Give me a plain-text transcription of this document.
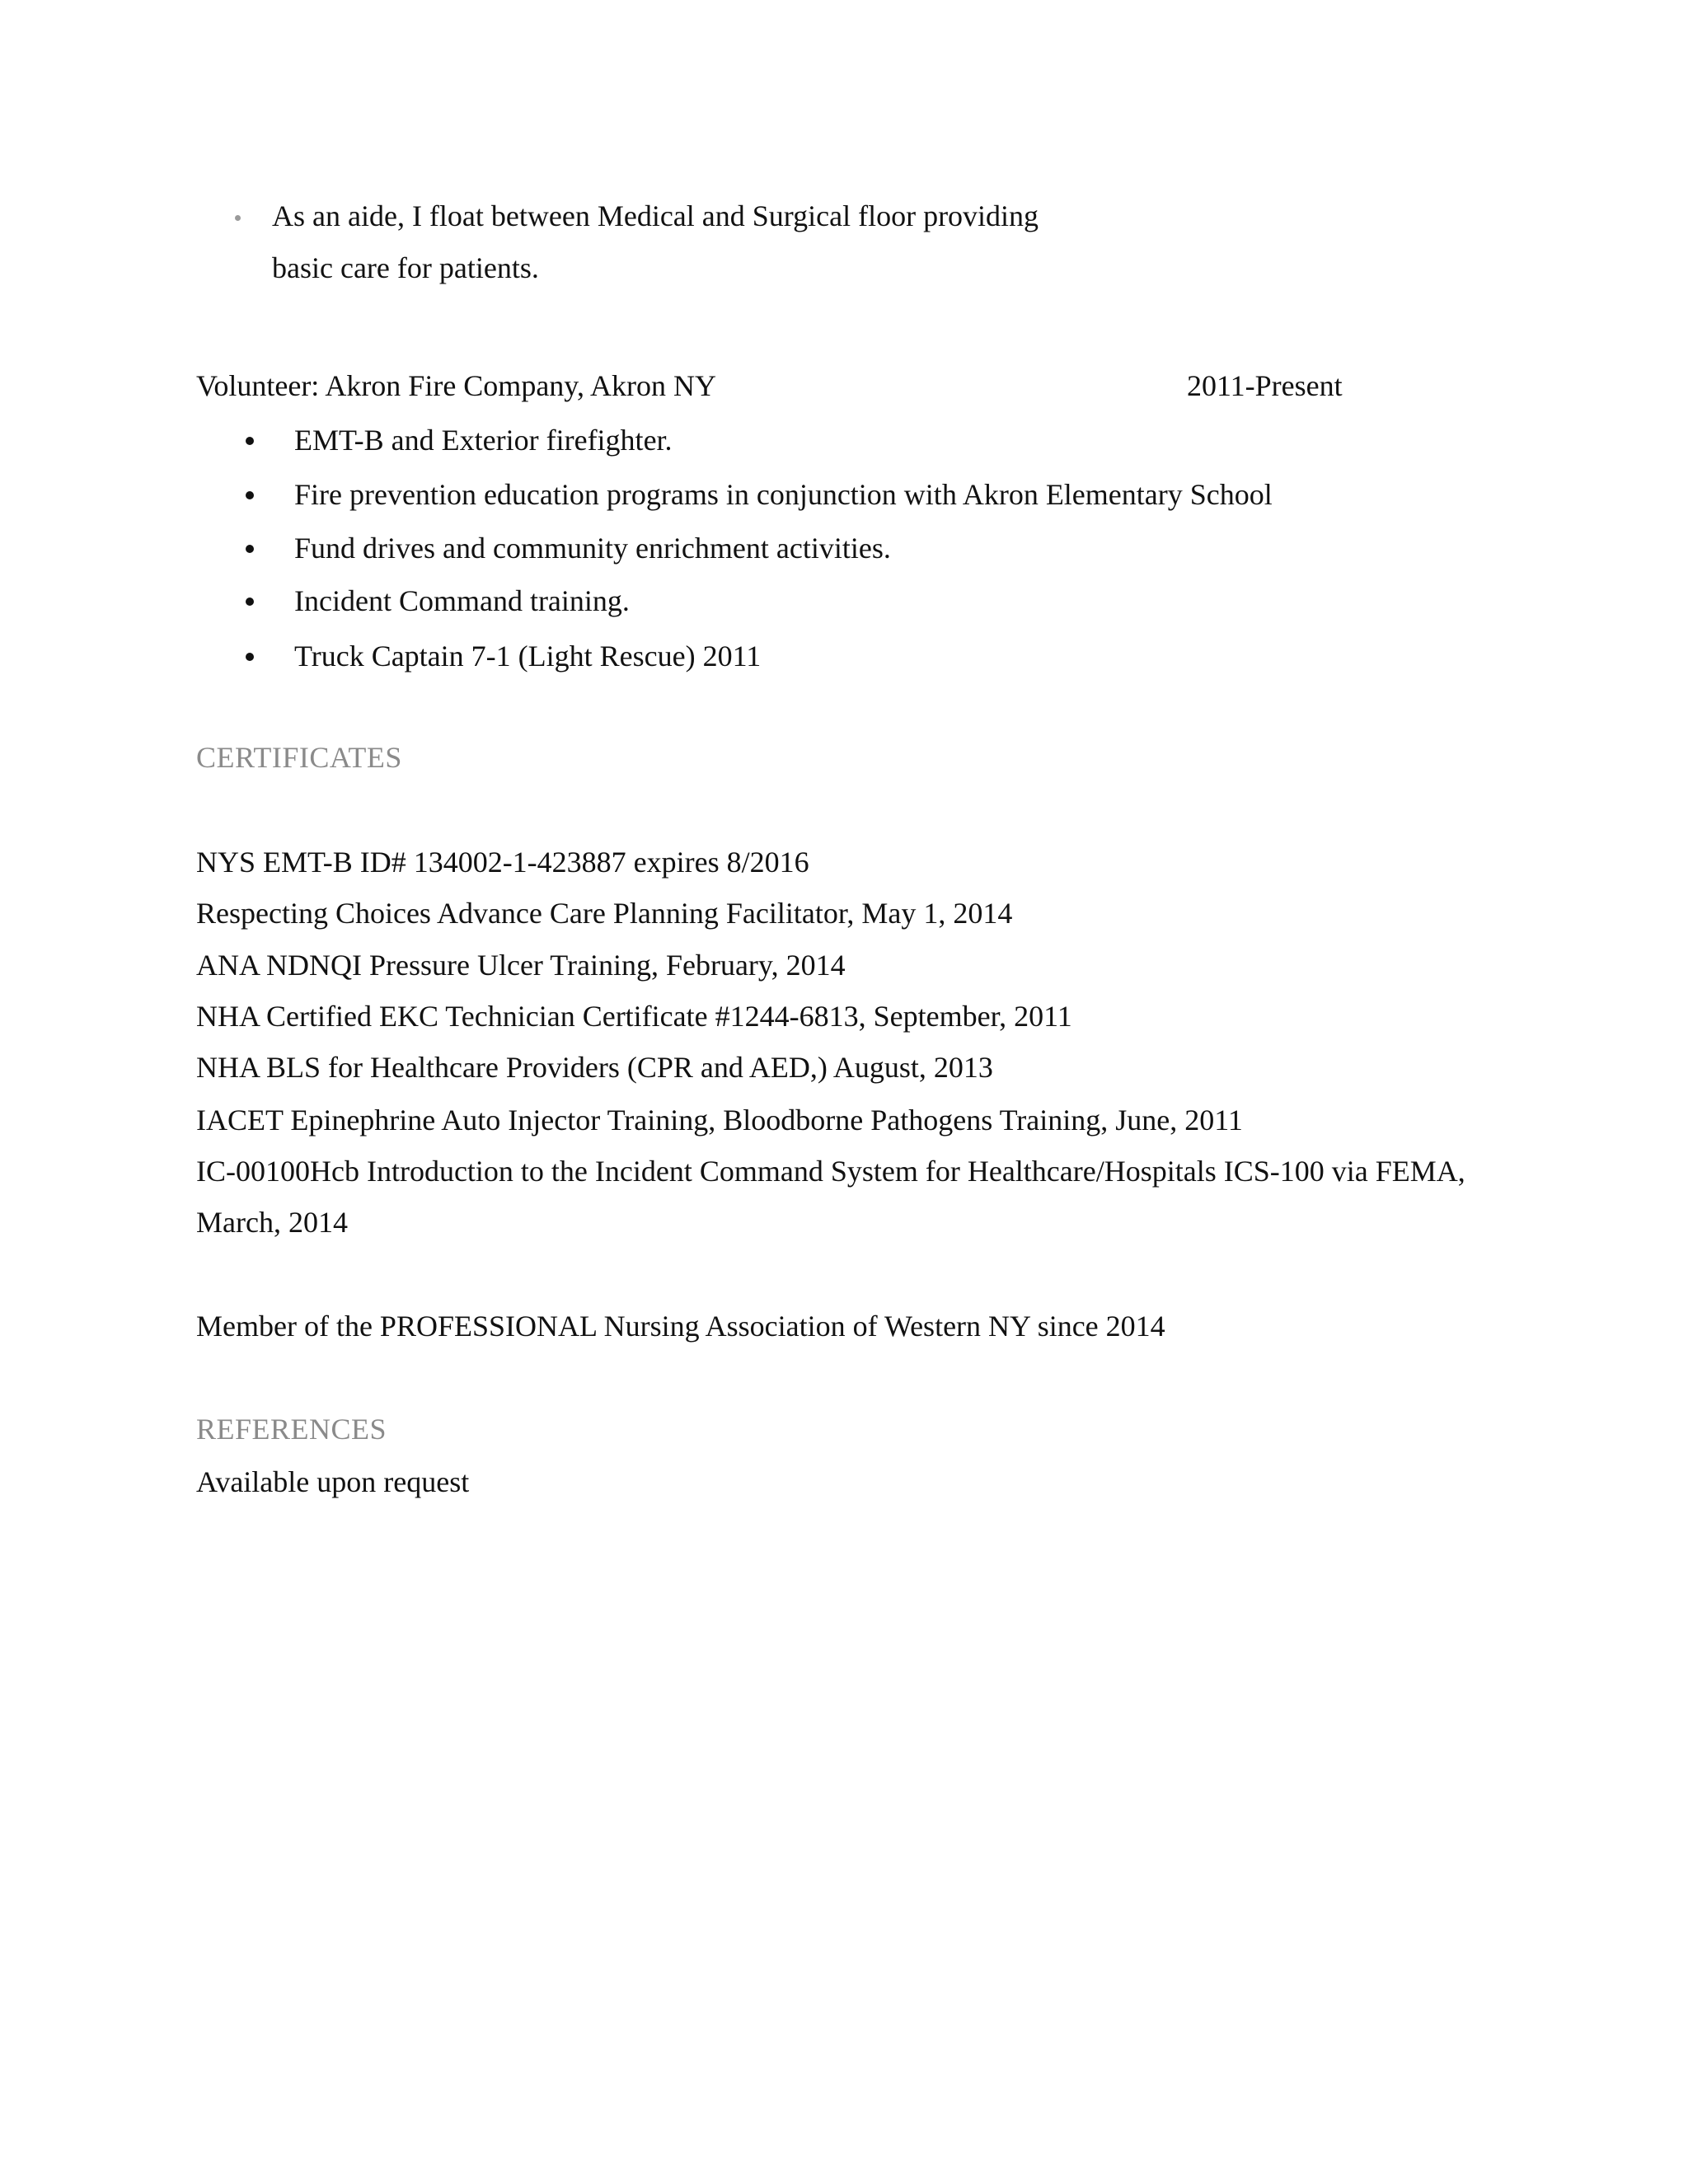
As an aide, I float between Medical and Surgical floor providing
basic care for patients.
Volunteer: Akron Fire Company, Akron NY	2011-Present
EMT-B and Exterior firefighter.
Fire prevention education programs in conjunction with Akron Elementary School
Fund drives and community enrichment activities.
Incident Command training.
Truck Captain 7-1 (Light Rescue) 2011
CERTIFICATES
NYS EMT-B ID# 134002-1-423887 expires 8/2016
Respecting Choices Advance Care Planning Facilitator, May 1, 2014
ANA NDNQI Pressure Ulcer Training, February, 2014
NHA Certified EKC Technician Certificate #1244-6813, September, 2011
NHA BLS for Healthcare Providers (CPR and AED,) August, 2013
IACET Epinephrine Auto Injector Training, Bloodborne Pathogens Training, June, 2011
IC-00100Hcb Introduction to the Incident Command System for Healthcare/Hospitals ICS-100 via FEMA,
March, 2014
Member of the PROFESSIONAL Nursing Association of Western NY since 2014
REFERENCES
Available upon request
